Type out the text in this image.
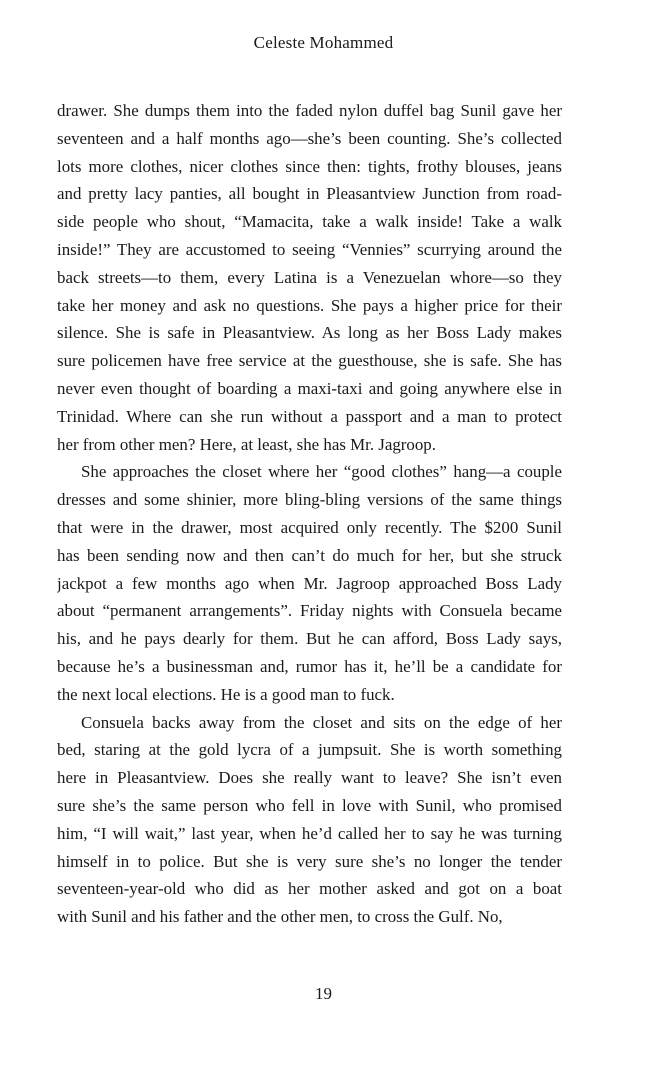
Celeste Mohammed
drawer. She dumps them into the faded nylon duffel bag Sunil gave her
seventeen and a half months ago—she’s been counting. She’s collected
lots more clothes, nicer clothes since then: tights, frothy blouses, jeans
and pretty lacy panties, all bought in Pleasantview Junction from road-
side people who shout, “Mamacita, take a walk inside! Take a walk
inside!” They are accustomed to seeing “Vennies” scurrying around the
back streets—to them, every Latina is a Venezuelan whore—so they
take her money and ask no questions. She pays a higher price for their
silence. She is safe in Pleasantview. As long as her Boss Lady makes
sure policemen have free service at the guesthouse, she is safe. She has
never even thought of boarding a maxi-taxi and going anywhere else in
Trinidad. Where can she run without a passport and a man to protect
her from other men? Here, at least, she has Mr. Jagroop.
She approaches the closet where her “good clothes” hang—a couple
dresses and some shinier, more bling-bling versions of the same things
that were in the drawer, most acquired only recently. The $200 Sunil
has been sending now and then can’t do much for her, but she struck
jackpot a few months ago when Mr. Jagroop approached Boss Lady
about “permanent arrangements”. Friday nights with Consuela became
his, and he pays dearly for them. But he can afford, Boss Lady says,
because he’s a businessman and, rumor has it, he’ll be a candidate for
the next local elections. He is a good man to fuck.
Consuela backs away from the closet and sits on the edge of her
bed, staring at the gold lycra of a jumpsuit. She is worth something
here in Pleasantview. Does she really want to leave? She isn’t even
sure she’s the same person who fell in love with Sunil, who promised
him, “I will wait,” last year, when he’d called her to say he was turning
himself in to police. But she is very sure she’s no longer the tender
seventeen-year-old who did as her mother asked and got on a boat
with Sunil and his father and the other men, to cross the Gulf. No,
19
